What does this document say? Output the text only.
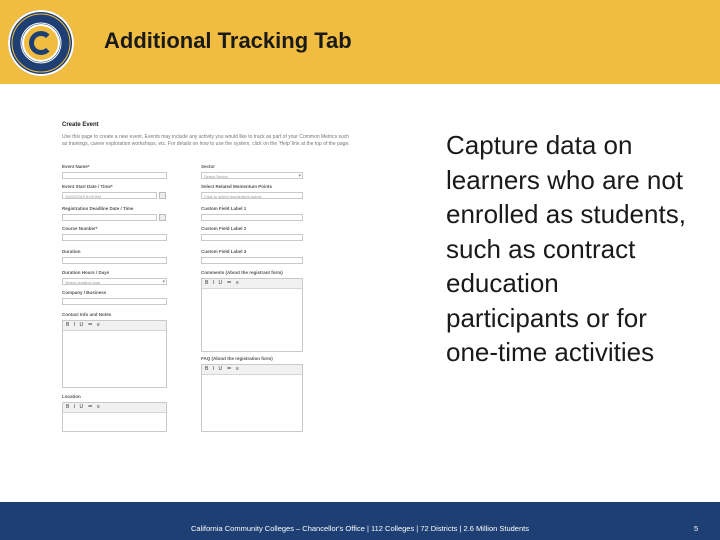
Additional Tracking Tab
Create Event
Use this page to create a new event. Events may include any activity you would like to track as part of your Common Metrics such as trainings, career exploration workshops, etc. For details on how to use the system, click on the 'Help' link at the top of the page.
Event Name*
Event Start Date / Time*
10/02/2019 8:00 AM
Registration Deadline Date / Time
Course Number*
Duration
Duration Hours / Days
Select duration type ▾
Company / Business
Contact Info and Notes
B I U ≔ ≡
Location
B I U ≔ ≡
Sector
Select Sector ▾
Select Related Momentum Points
Click to select momentum points
Custom Field Label 1
Custom Field Label 2
Custom Field Label 3
Comments (About the registrant form)
B I U ≔ ≡
FAQ (About the registration form)
B I U ≔ ≡

Capture data on learners who are not enrolled as students, such as contract education participants or for one-time activities

California Community Colleges – Chancellor's Office | 112 Colleges | 72 Districts | 2.6 Million Students	5
